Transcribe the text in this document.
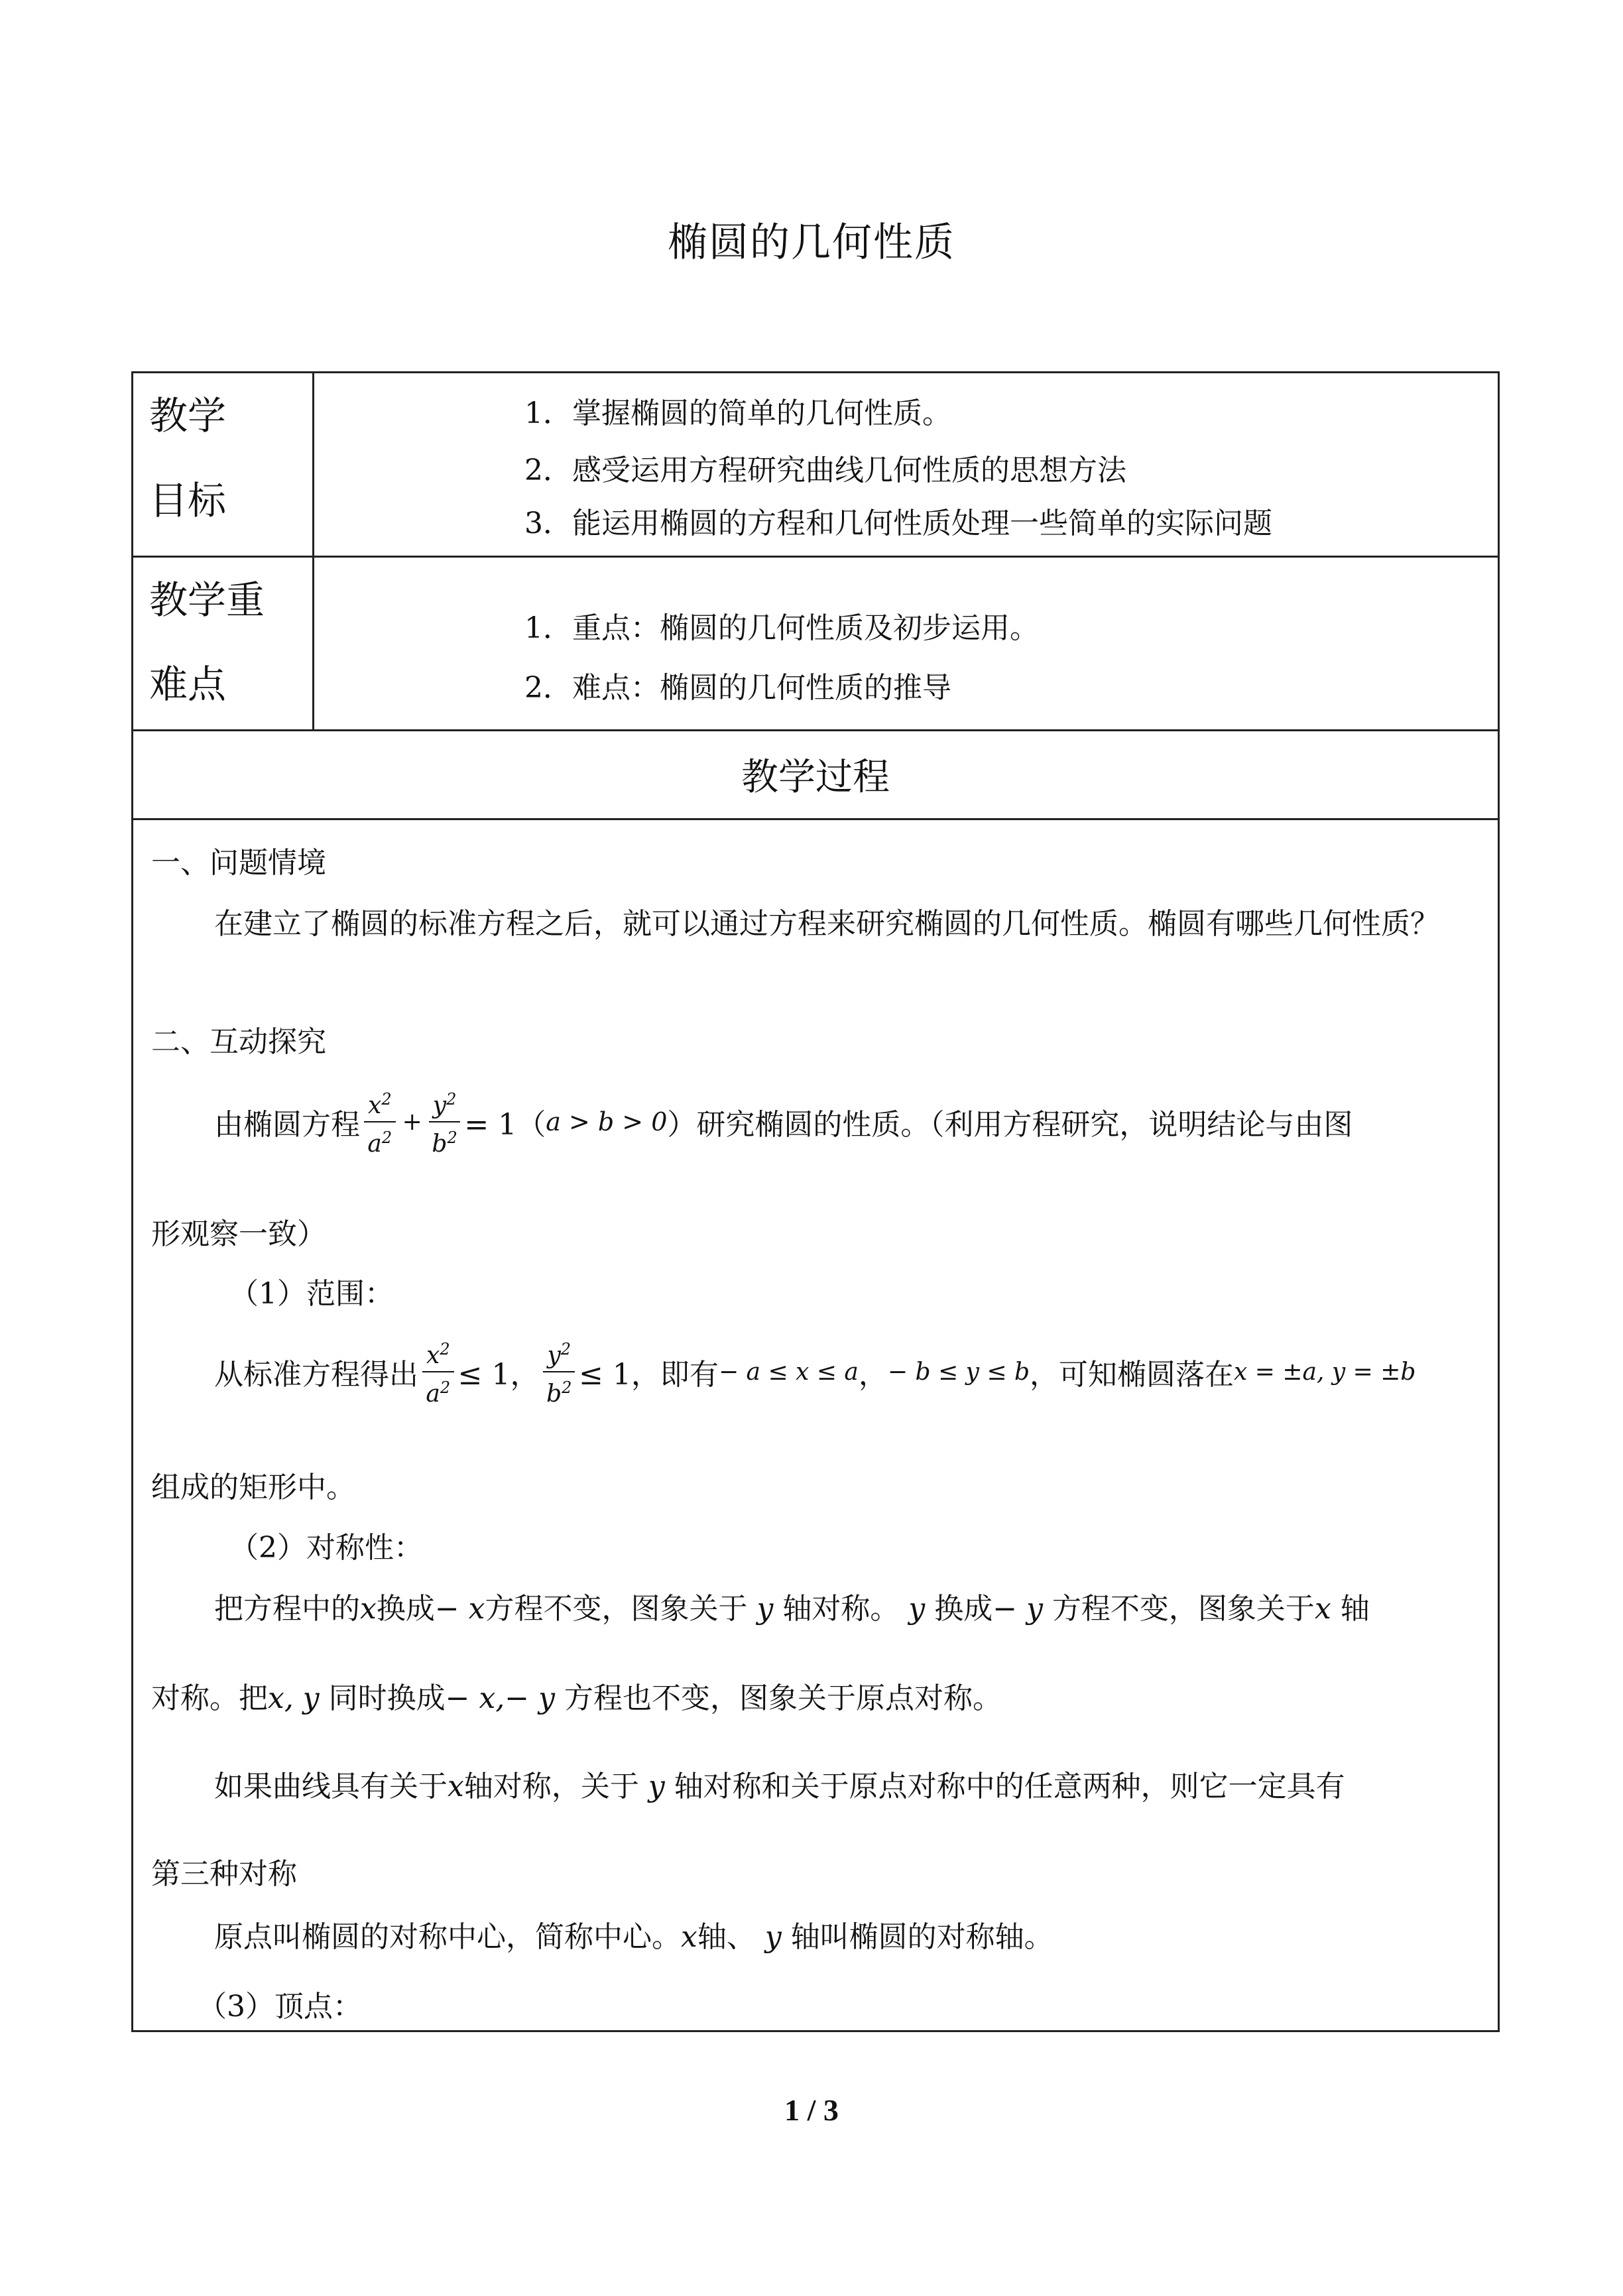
椭圆的几何性质
教学
目标
1．掌握椭圆的简单的几何性质。
2．感受运用方程研究曲线几何性质的思想方法
3．能运用椭圆的方程和几何性质处理一些简单的实际问题
教学重
难点
1．重点：椭圆的几何性质及初步运用。
2．难点：椭圆的几何性质的推导
教学过程
一、问题情境
在建立了椭圆的标准方程之后，就可以通过方程来研究椭圆的几何性质。椭圆有哪些几何性质？
二、互动探究
由椭圆方程 $\frac{x^2}{a^2} + \frac{y^2}{b^2} = 1$（ a > b > 0 ）研究椭圆的性质。（利用方程研究，说明结论与由图
形观察一致）
（1）范围：
从标准方程得出 $\frac{x^2}{a^2} \le 1$， $\frac{y^2}{b^2} \le 1$，即有 − a ≤ x ≤ a ， − b ≤ y ≤ b ，可知椭圆落在 x = ±a, y = ±b
组成的矩形中。
（2）对称性：
把方程中的x换成− x方程不变，图象关于 y 轴对称。 y 换成− y 方程不变，图象关于x 轴
对称。把x, y 同时换成− x,− y 方程也不变，图象关于原点对称。
如果曲线具有关于x轴对称，关于 y 轴对称和关于原点对称中的任意两种，则它一定具有
第三种对称
原点叫椭圆的对称中心，简称中心。x轴、 y 轴叫椭圆的对称轴。
（3）顶点：
1 / 3
